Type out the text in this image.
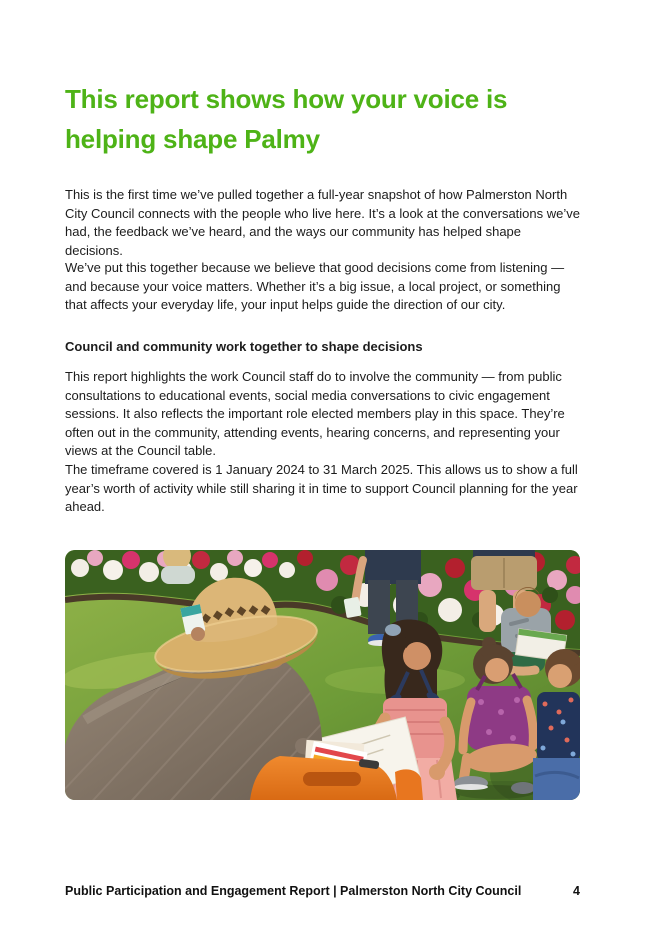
This report shows how your voice is
helping shape Palmy

This is the first time we’ve pulled together a full-year snapshot of how Palmerston North City Council connects with the people who live here. It’s a look at the conversations we’ve had, the feedback we’ve heard, and the ways our community has helped shape decisions.

We’ve put this together because we believe that good decisions come from listening — and because your voice matters. Whether it’s a big issue, a local project, or something that affects your everyday life, your input helps guide the direction of our city.

Council and community work together to shape decisions

This report highlights the work Council staff do to involve the community — from public consultations to educational events, social media conversations to civic engagement sessions. It also reflects the important role elected members play in this space. They’re often out in the community, attending events, hearing concerns, and representing your views at the Council table.

The timeframe covered is 1 January 2024 to 31 March 2025. This allows us to show a full year’s worth of activity while still sharing it in time to support Council planning for the year ahead.

Public Participation and Engagement Report | Palmerston North City Council	4
